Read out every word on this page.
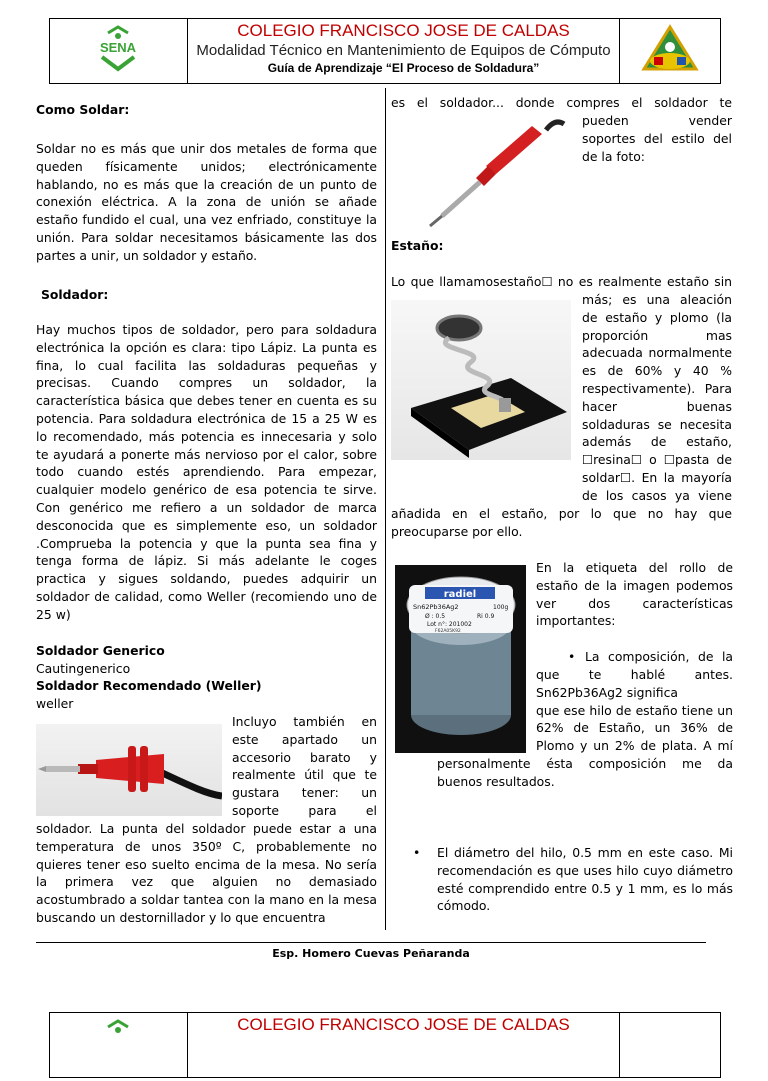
SENA
COLEGIO FRANCISCO JOSE DE CALDAS
Modalidad Técnico en Mantenimiento de Equipos de Cómputo
Guía de Aprendizaje “El Proceso de Soldadura”
Como Soldar:

Soldar no es más que unir dos metales de forma que queden físicamente unidos; electrónicamente hablando, no es más que la creación de un punto de conexión eléctrica. A la zona de unión se añade estaño fundido el cual, una vez enfriado, constituye la unión. Para soldar necesitamos básicamente las dos partes a unir, un soldador y estaño.

Soldador:

Hay muchos tipos de soldador, pero para soldadura electrónica la opción es clara: tipo Lápiz. La punta es fina, lo cual facilita las soldaduras pequeñas y precisas. Cuando compres un soldador, la característica básica que debes tener en cuenta es su potencia. Para soldadura electrónica de 15 a 25 W es lo recomendado, más potencia es innecesaria y solo te ayudará a ponerte más nervioso por el calor, sobre todo cuando estés aprendiendo. Para empezar, cualquier modelo genérico de esa potencia te sirve. Con genérico me refiero a un soldador de marca desconocida que es simplemente eso, un soldador .Comprueba la potencia y que la punta sea fina y tenga forma de lápiz. Si más adelante le coges practica y sigues soldando, puedes adquirir un soldador de calidad, como Weller (recomiendo uno de 25 w)

Soldador Generico
Cautingenerico
Soldador Recomendado (Weller)
weller
Incluyo también en
este apartado un
accesorio barato y
realmente útil que te
gustara tener: un
soporte para el

soldador. La punta del soldador puede estar a una temperatura de unos 350º C, probablemente no quieres tener eso suelto encima de la mesa. No sería la primera vez que alguien no demasiado acostumbrado a soldar tantea con la mano en la mesa buscando un destornillador y lo que encuentra

es el soldador... donde compres el soldador te
pueden vender
soportes del estilo del
de la foto:
Estaño:
Lo que llamamosestaño☐ no es realmente estaño sin
más; es una aleación
de estaño y plomo (la
proporción mas
adecuada normalmente
es de 60% y 40 %
respectivamente). Para
hacer buenas
soldaduras se necesita
además de estaño,
☐resina☐ o ☐pasta de
soldar☐. En la mayoría
de los casos ya viene

añadida en el estaño, por lo que no hay que preocuparse por ello.

radiel
Sn62Pb36Ag2	100g
Ø : 0.5	Ri 0.9
Lot n°: 201002
F62A05K92

En la etiqueta del rollo de estaño de la imagen podemos ver dos características importantes:

• La composición, de la
que te hablé antes.
Sn62Pb36Ag2 significa
que ese hilo de estaño tiene un
62% de Estaño, un 36% de
Plomo y un 2% de plata. A mí

personalmente ésta composición me da buenos resultados.

• El diámetro del hilo, 0.5 mm en este caso. Mi recomendación es que uses hilo cuyo diámetro esté comprendido entre 0.5 y 1 mm, es lo más cómodo.

Esp. Homero Cuevas Peñaranda
COLEGIO FRANCISCO JOSE DE CALDAS
